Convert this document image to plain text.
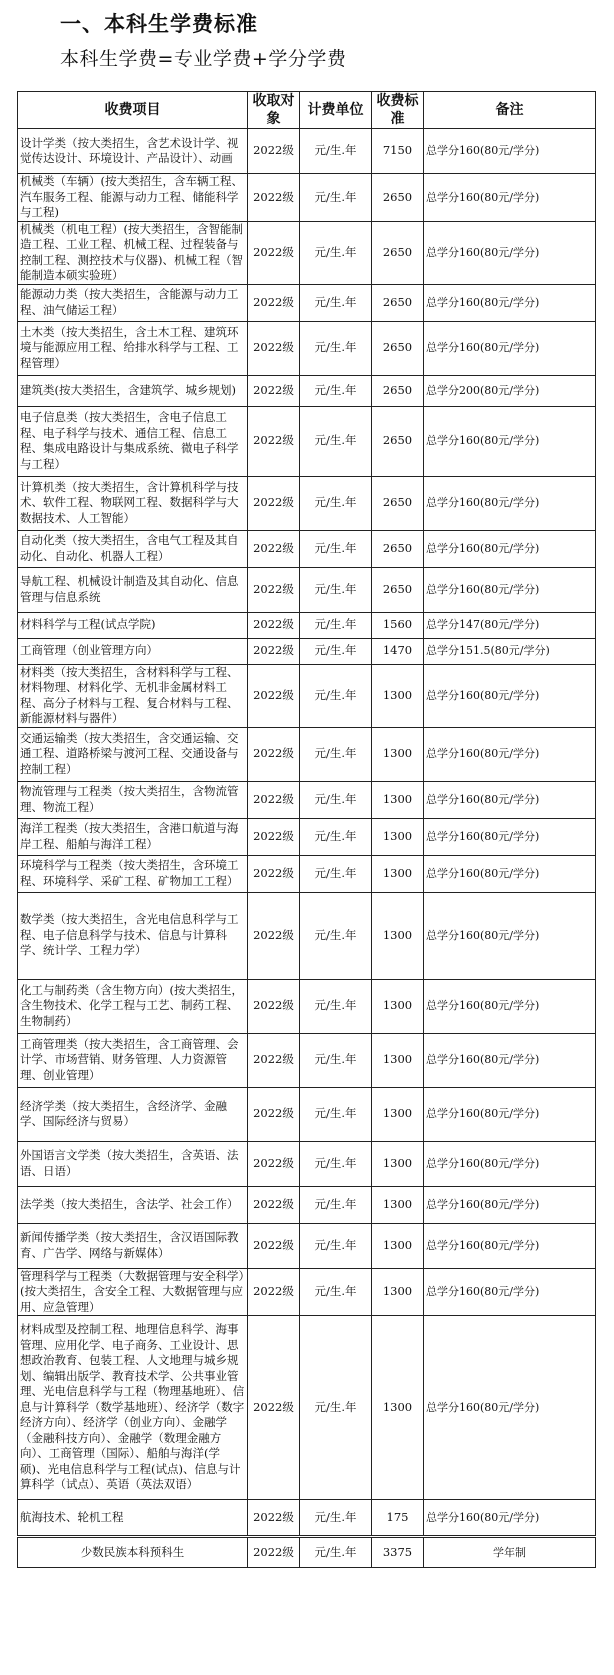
一、本科生学费标准
本科生学费=专业学费+学分学费
收费项目	收取对象	计费单位	收费标准	备注
设计学类（按大类招生，含艺术设计学、视觉传达设计、环境设计、产品设计）、动画	2022级	元/生.年	7150	总学分160(80元/学分)
机械类（车辆）(按大类招生，含车辆工程、汽车服务工程、能源与动力工程、储能科学与工程)	2022级	元/生.年	2650	总学分160(80元/学分)
机械类（机电工程）(按大类招生，含智能制造工程、工业工程、机械工程、过程装备与控制工程、测控技术与仪器)、机械工程（智能制造本硕实验班）	2022级	元/生.年	2650	总学分160(80元/学分)
能源动力类（按大类招生，含能源与动力工程、油气储运工程）	2022级	元/生.年	2650	总学分160(80元/学分)
土木类（按大类招生，含土木工程、建筑环境与能源应用工程、给排水科学与工程、工程管理）	2022级	元/生.年	2650	总学分160(80元/学分)
建筑类(按大类招生，含建筑学、城乡规划)	2022级	元/生.年	2650	总学分200(80元/学分)
电子信息类（按大类招生，含电子信息工程、电子科学与技术、通信工程、信息工程、集成电路设计与集成系统、微电子科学与工程）	2022级	元/生.年	2650	总学分160(80元/学分)
计算机类（按大类招生，含计算机科学与技术、软件工程、物联网工程、数据科学与大数据技术、人工智能）	2022级	元/生.年	2650	总学分160(80元/学分)
自动化类（按大类招生，含电气工程及其自动化、自动化、机器人工程）	2022级	元/生.年	2650	总学分160(80元/学分)
导航工程、机械设计制造及其自动化、信息管理与信息系统	2022级	元/生.年	2650	总学分160(80元/学分)
材料科学与工程(试点学院)	2022级	元/生.年	1560	总学分147(80元/学分)
工商管理（创业管理方向）	2022级	元/生.年	1470	总学分151.5(80元/学分)
材料类（按大类招生，含材料科学与工程、材料物理、材料化学、无机非金属材料工程、高分子材料与工程、复合材料与工程、新能源材料与器件）	2022级	元/生.年	1300	总学分160(80元/学分)
交通运输类（按大类招生，含交通运输、交通工程、道路桥梁与渡河工程、交通设备与控制工程）	2022级	元/生.年	1300	总学分160(80元/学分)
物流管理与工程类（按大类招生，含物流管理、物流工程）	2022级	元/生.年	1300	总学分160(80元/学分)
海洋工程类（按大类招生，含港口航道与海岸工程、船舶与海洋工程）	2022级	元/生.年	1300	总学分160(80元/学分)
环境科学与工程类（按大类招生，含环境工程、环境科学、采矿工程、矿物加工工程）	2022级	元/生.年	1300	总学分160(80元/学分)
数学类（按大类招生，含光电信息科学与工程、电子信息科学与技术、信息与计算科学、统计学、工程力学）	2022级	元/生.年	1300	总学分160(80元/学分)
化工与制药类（含生物方向）(按大类招生，含生物技术、化学工程与工艺、制药工程、生物制药）	2022级	元/生.年	1300	总学分160(80元/学分)
工商管理类（按大类招生，含工商管理、会计学、市场营销、财务管理、人力资源管理、创业管理）	2022级	元/生.年	1300	总学分160(80元/学分)
经济学类（按大类招生，含经济学、金融学、国际经济与贸易）	2022级	元/生.年	1300	总学分160(80元/学分)
外国语言文学类（按大类招生，含英语、法语、日语）	2022级	元/生.年	1300	总学分160(80元/学分)
法学类（按大类招生，含法学、社会工作）	2022级	元/生.年	1300	总学分160(80元/学分)
新闻传播学类（按大类招生，含汉语国际教育、广告学、网络与新媒体）	2022级	元/生.年	1300	总学分160(80元/学分)
管理科学与工程类（大数据管理与安全科学）(按大类招生，含安全工程、大数据管理与应用、应急管理）	2022级	元/生.年	1300	总学分160(80元/学分)
材料成型及控制工程、地理信息科学、海事管理、应用化学、电子商务、工业设计、思想政治教育、包装工程、人文地理与城乡规划、编辑出版学、教育技术学、公共事业管理、光电信息科学与工程（物理基地班）、信息与计算科学（数学基地班）、经济学（数字经济方向）、经济学（创业方向）、金融学（金融科技方向）、金融学（数理金融方向）、工商管理（国际）、船舶与海洋(学硕)、光电信息科学与工程(试点)、信息与计算科学（试点）、英语（英法双语）	2022级	元/生.年	1300	总学分160(80元/学分)
航海技术、轮机工程	2022级	元/生.年	175	总学分160(80元/学分)
少数民族本科预科生	2022级	元/生.年	3375	学年制
